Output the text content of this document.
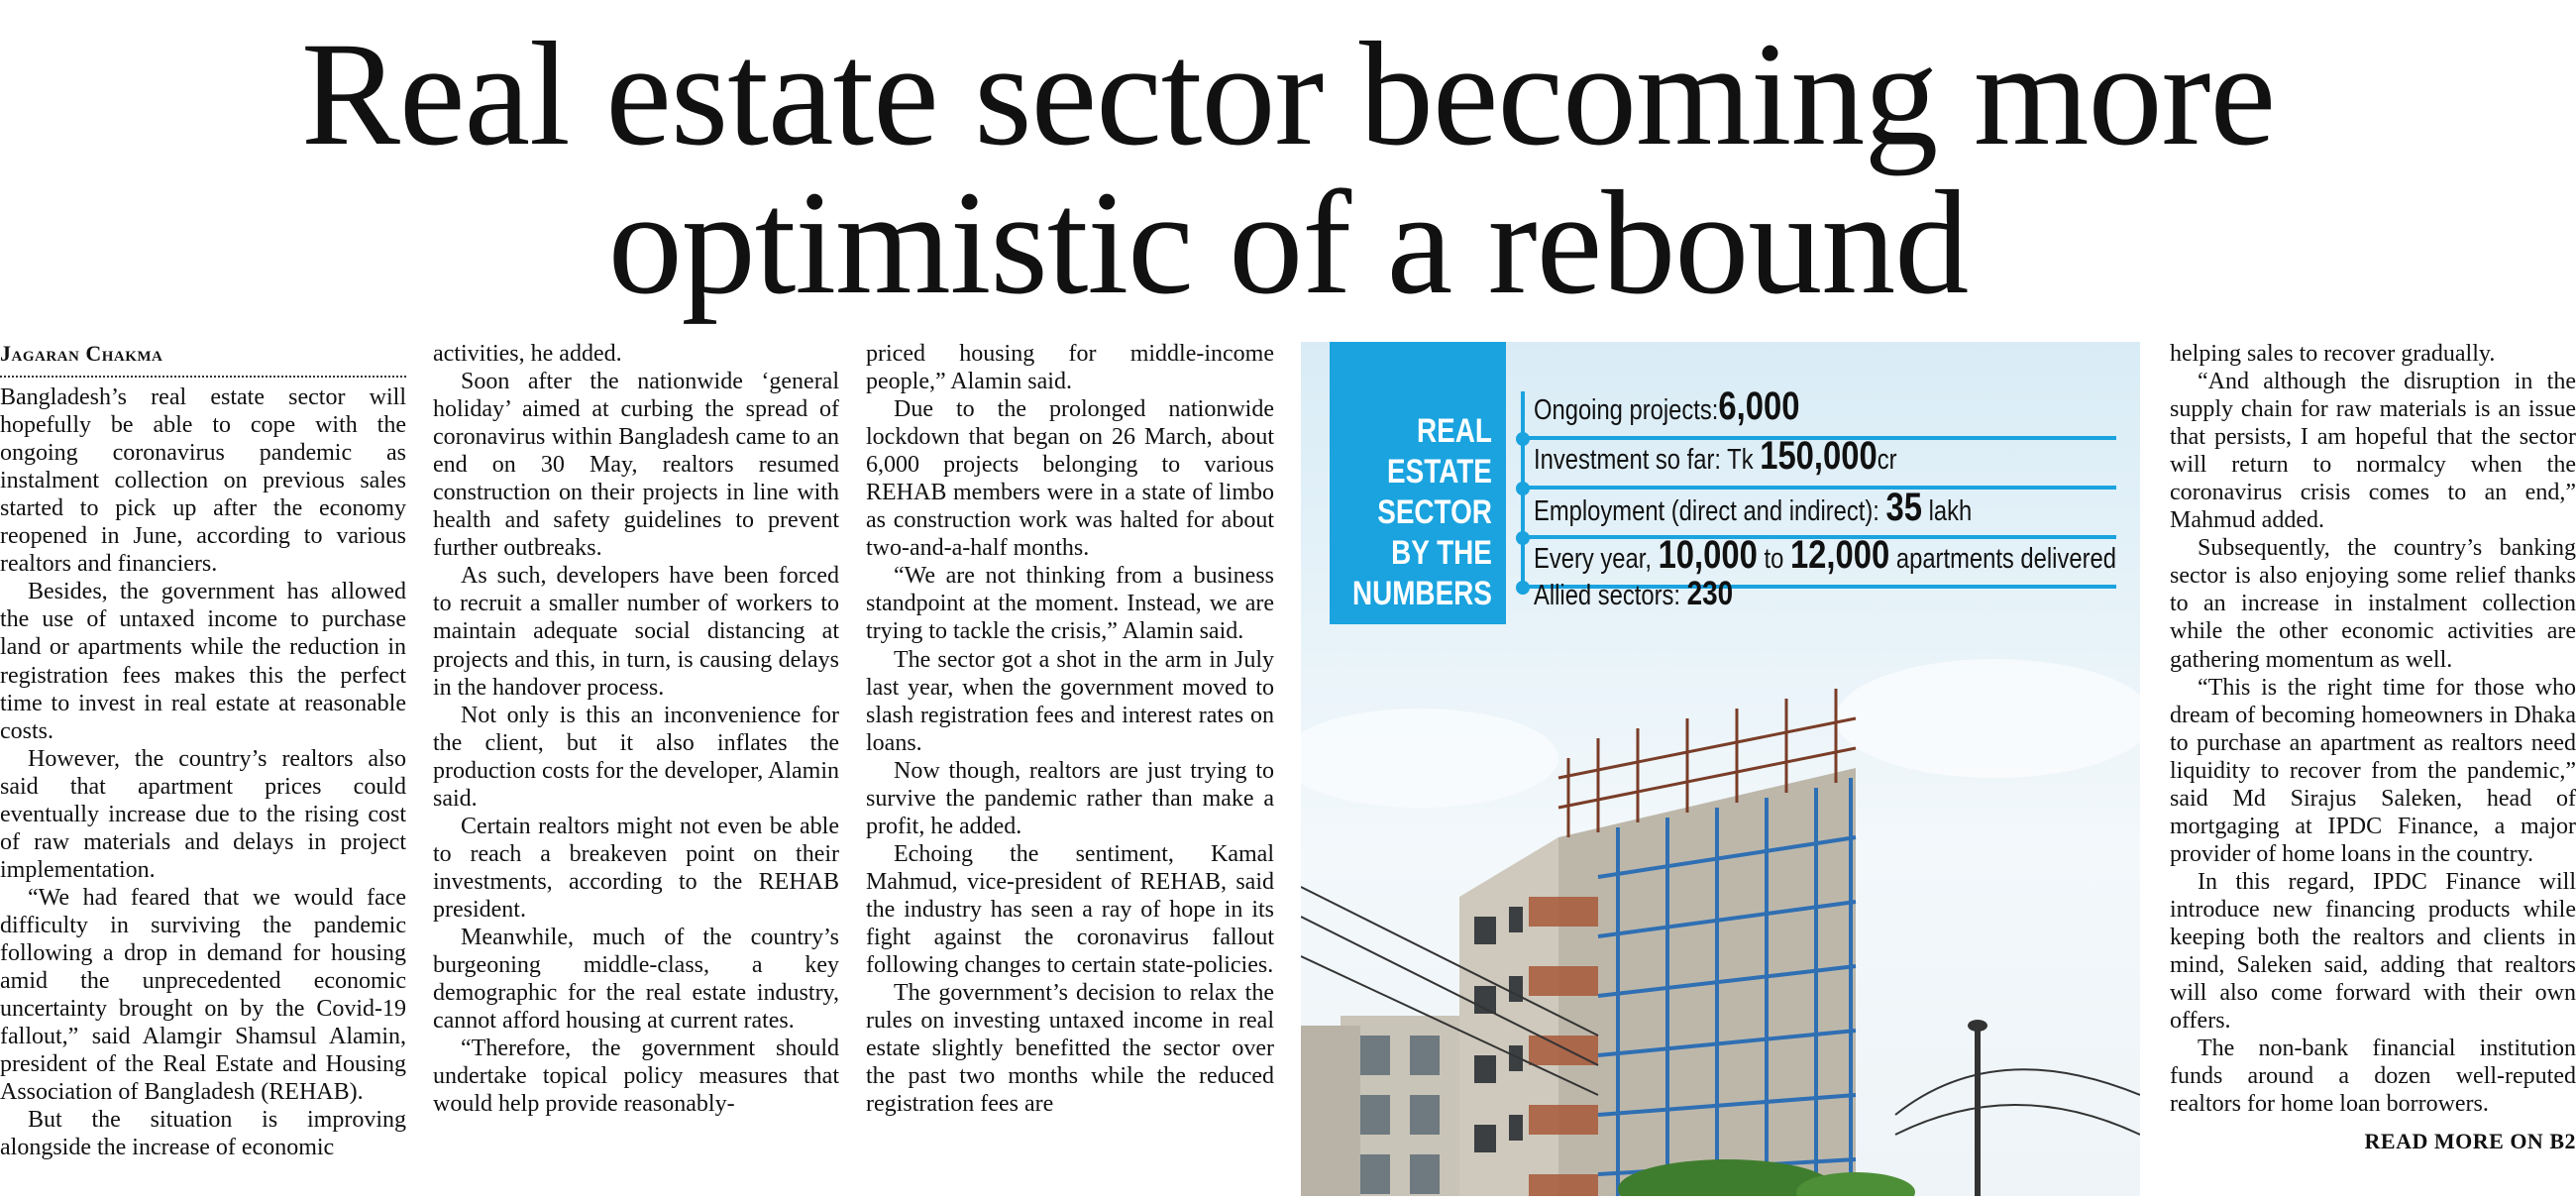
Real estate sector becoming more
optimistic of a rebound
Jagaran Chakma

Bangladesh’s real estate sector will hopefully be able to cope with the ongoing coronavirus pandemic as instalment collection on previous sales started to pick up after the economy reopened in June, according to various realtors and financiers.

Besides, the government has allowed the use of untaxed income to purchase land or apartments while the reduction in registration fees makes this the perfect time to invest in real estate at reasonable costs.

However, the country’s realtors also said that apartment prices could eventually increase due to the rising cost of raw materials and delays in project implementation.

“We had feared that we would face difficulty in surviving the pandemic following a drop in demand for housing amid the unprecedented economic uncertainty brought on by the Covid-19 fallout,” said Alamgir Shamsul Alamin, president of the Real Estate and Housing Association of Bangladesh (REHAB).

But the situation is improving alongside the increase of economic

activities, he added.

Soon after the nationwide ‘general holiday’ aimed at curbing the spread of coronavirus within Bangladesh came to an end on 30 May, realtors resumed construction on their projects in line with health and safety guidelines to prevent further outbreaks.

As such, developers have been forced to recruit a smaller number of workers to maintain adequate social distancing at projects and this, in turn, is causing delays in the handover process.

Not only is this an inconvenience for the client, but it also inflates the production costs for the developer, Alamin said.

Certain realtors might not even be able to reach a breakeven point on their investments, according to the REHAB president.

Meanwhile, much of the country’s burgeoning middle-class, a key demographic for the real estate industry, cannot afford housing at current rates.

“Therefore, the government should undertake topical policy measures that would help provide reasonably-

priced housing for middle-income people,” Alamin said.

Due to the prolonged nationwide lockdown that began on 26 March, about 6,000 projects belonging to various REHAB members were in a state of limbo as construction work was halted for about two-and-a-half months.

“We are not thinking from a business standpoint at the moment. Instead, we are trying to tackle the crisis,” Alamin said.

The sector got a shot in the arm in July last year, when the government moved to slash registration fees and interest rates on loans.

Now though, realtors are just trying to survive the pandemic rather than make a profit, he added.

Echoing the sentiment, Kamal Mahmud, vice-president of REHAB, said the industry has seen a ray of hope in its fight against the coronavirus fallout following changes to certain state-policies.

The government’s decision to relax the rules on investing untaxed income in real estate slightly benefitted the sector over the past two months while the reduced registration fees are

REAL
ESTATE
SECTOR
BY THE
NUMBERS
Ongoing projects:6,000
Investment so far: Tk 150,000cr
Employment (direct and indirect): 35 lakh
Every year, 10,000 to 12,000 apartments delivered
Allied sectors: 230

helping sales to recover gradually.

“And although the disruption in the supply chain for raw materials is an issue that persists, I am hopeful that the sector will return to normalcy when the coronavirus crisis comes to an end,” Mahmud added.

Subsequently, the country’s banking sector is also enjoying some relief thanks to an increase in instalment collection while the other economic activities are gathering momentum as well.

“This is the right time for those who dream of becoming homeowners in Dhaka to purchase an apartment as realtors need liquidity to recover from the pandemic,” said Md Sirajus Saleken, head of mortgaging at IPDC Finance, a major provider of home loans in the country.

In this regard, IPDC Finance will introduce new financing products while keeping both the realtors and clients in mind, Saleken said, adding that realtors will also come forward with their own offers.

The non-bank financial institution funds around a dozen well-reputed realtors for home loan borrowers.

READ MORE ON B2
